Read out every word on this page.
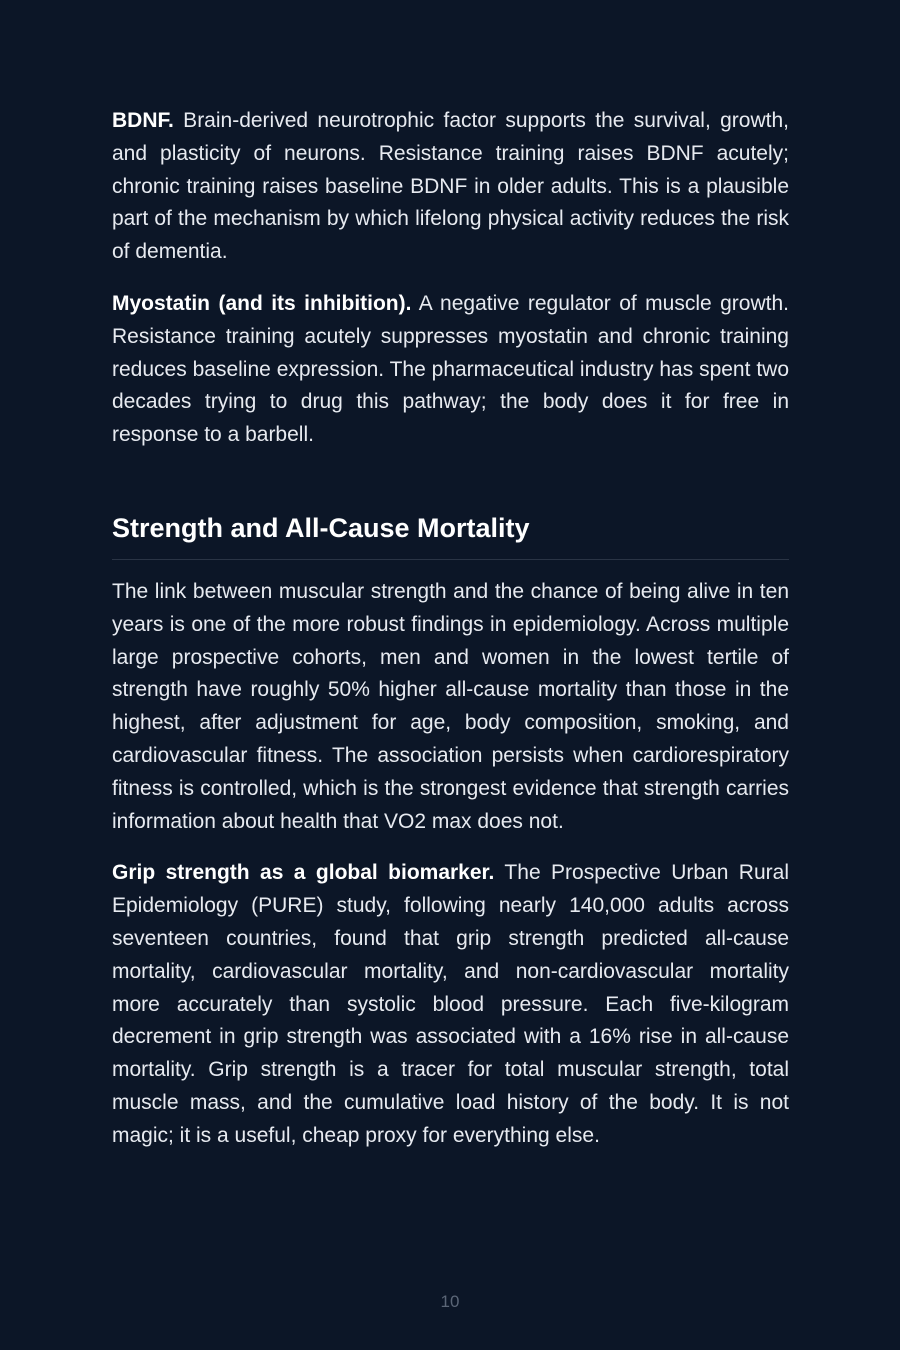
BDNF. Brain-derived neurotrophic factor supports the survival, growth, and plasticity of neurons. Resistance training raises BDNF acutely; chronic training raises baseline BDNF in older adults. This is a plausible part of the mechanism by which lifelong physical activity reduces the risk of dementia.

Myostatin (and its inhibition). A negative regulator of muscle growth. Resistance training acutely suppresses myostatin and chronic training reduces baseline expression. The pharmaceutical industry has spent two decades trying to drug this pathway; the body does it for free in response to a barbell.

Strength and All-Cause Mortality

The link between muscular strength and the chance of being alive in ten years is one of the more robust findings in epidemiology. Across multiple large prospective cohorts, men and women in the lowest tertile of strength have roughly 50% higher all-cause mortality than those in the highest, after adjustment for age, body composition, smoking, and cardiovascular fitness. The association persists when cardiorespiratory fitness is controlled, which is the strongest evidence that strength carries information about health that VO2 max does not.

Grip strength as a global biomarker. The Prospective Urban Rural Epidemiology (PURE) study, following nearly 140,000 adults across seventeen countries, found that grip strength predicted all-cause mortality, cardiovascular mortality, and non-cardiovascular mortality more accurately than systolic blood pressure. Each five-kilogram decrement in grip strength was associated with a 16% rise in all-cause mortality. Grip strength is a tracer for total muscular strength, total muscle mass, and the cumulative load history of the body. It is not magic; it is a useful, cheap proxy for everything else.

10
